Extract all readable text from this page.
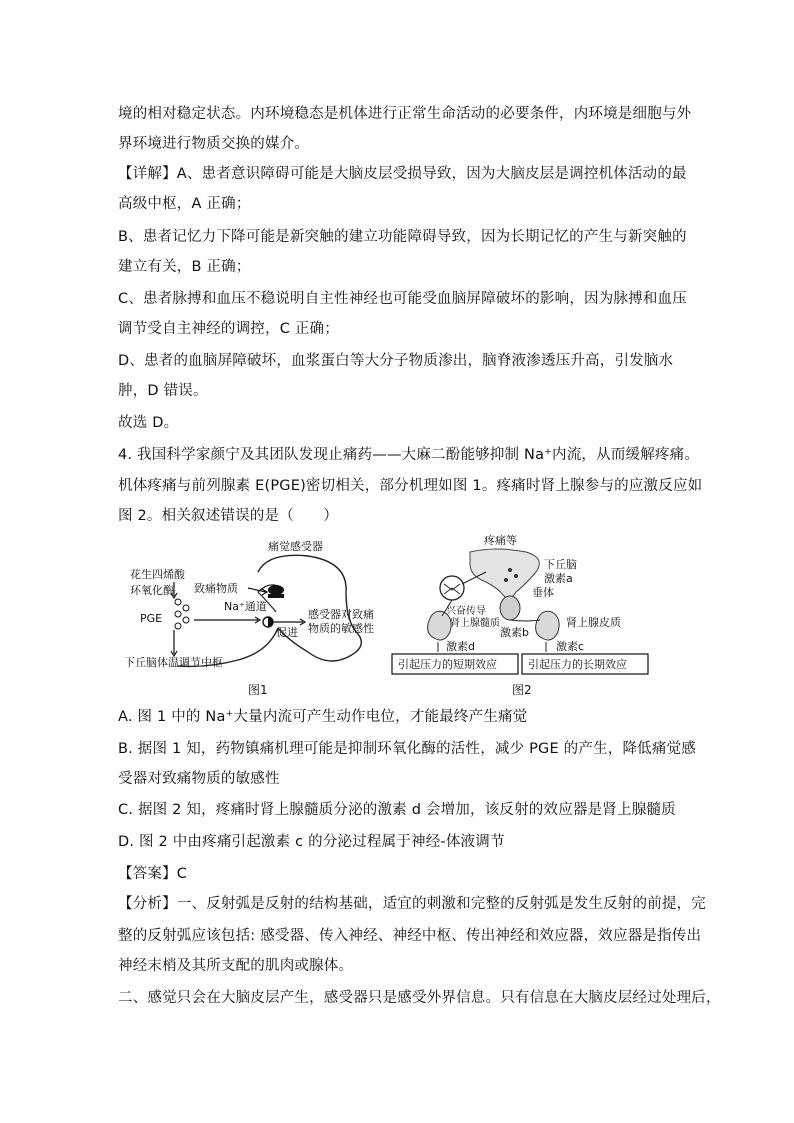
境的相对稳定状态。内环境稳态是机体进行正常生命活动的必要条件，内环境是细胞与外
界环境进行物质交换的媒介。
【详解】A、患者意识障碍可能是大脑皮层受损导致，因为大脑皮层是调控机体活动的最
高级中枢，A 正确；
B、患者记忆力下降可能是新突触的建立功能障碍导致，因为长期记忆的产生与新突触的
建立有关，B 正确；
C、患者脉搏和血压不稳说明自主性神经也可能受血脑屏障破坏的影响，因为脉搏和血压
调节受自主神经的调控，C 正确；
D、患者的血脑屏障破坏，血浆蛋白等大分子物质渗出，脑脊液渗透压升高，引发脑水
肿，D 错误。
故选 D。
4. 我国科学家颜宁及其团队发现止痛药——大麻二酚能够抑制 Na⁺内流，从而缓解疼痛。
机体疼痛与前列腺素 E(PGE)密切相关，部分机理如图 1。疼痛时肾上腺参与的应激反应如
图 2。相关叙述错误的是（　　）
花生四烯酸
环氧化酶
PGE
下丘脑体温调节中枢
痛觉感受器
致痛物质
Na⁺通道
促进
感受器对致痛
物质的敏感性
图1
疼痛等
下丘脑
激素a
垂体
兴奋传导
肾上腺髓质
激素b
肾上腺皮质
激素d	激素c
引起压力的短期效应	引起压力的长期效应
图2
A. 图 1 中的 Na⁺大量内流可产生动作电位，才能最终产生痛觉
B. 据图 1 知，药物镇痛机理可能是抑制环氧化酶的活性，减少 PGE 的产生，降低痛觉感
受器对致痛物质的敏感性
C. 据图 2 知，疼痛时肾上腺髓质分泌的激素 d 会增加，该反射的效应器是肾上腺髓质
D. 图 2 中由疼痛引起激素 c 的分泌过程属于神经-体液调节
【答案】C
【分析】一、反射弧是反射的结构基础，适宜的刺激和完整的反射弧是发生反射的前提，完
整的反射弧应该包括: 感受器、传入神经、神经中枢、传出神经和效应器，效应器是指传出
神经末梢及其所支配的肌肉或腺体。
二、感觉只会在大脑皮层产生，感受器只是感受外界信息。只有信息在大脑皮层经过处理后，
